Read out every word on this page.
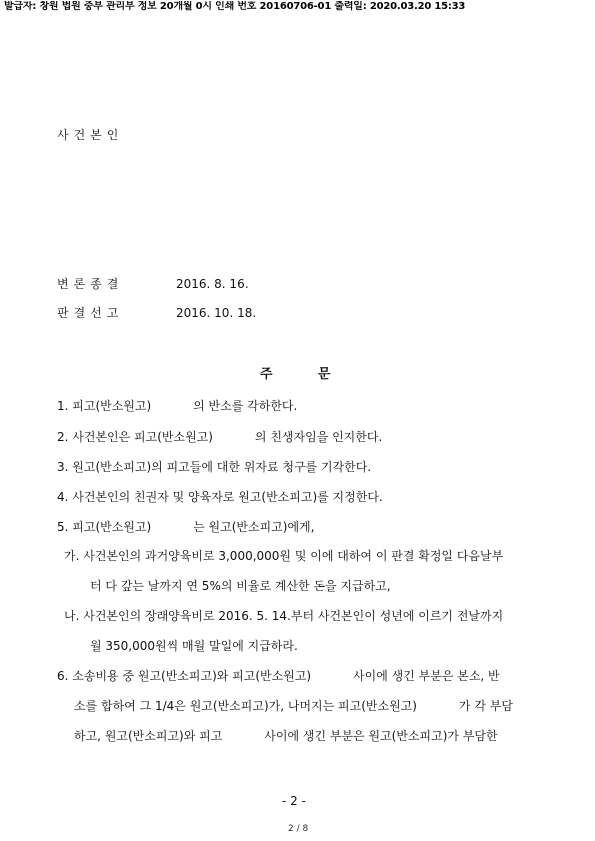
발급자: 창원 법원 중부 관리부 정보 20개월 0시 인쇄 번호 20160706-01 출력일: 2020.03.20 15:33
사건본인
변론종결	2016. 8. 16.
판결선고	2016. 10. 18.
주          문
1. 피고(반소원고)           의 반소를 각하한다.
2. 사건본인은 피고(반소원고)           의 친생자임을 인지한다.
3. 원고(반소피고)의 피고들에 대한 위자료 청구를 기각한다.
4. 사건본인의 친권자 및 양육자로 원고(반소피고)를 지정한다.
5. 피고(반소원고)           는 원고(반소피고)에게,
가. 사건본인의 과거양육비로 3,000,000원 및 이에 대하여 이 판결 확정일 다음날부
터 다 갚는 날까지 연 5%의 비율로 계산한 돈을 지급하고,
나. 사건본인의 장래양육비로 2016. 5. 14.부터 사건본인이 성년에 이르기 전날까지
월 350,000원씩 매월 말일에 지급하라.
6. 소송비용 중 원고(반소피고)와 피고(반소원고)           사이에 생긴 부분은 본소, 반
소를 합하여 그 1/4은 원고(반소피고)가, 나머지는 피고(반소원고)           가 각 부담
하고, 원고(반소피고)와 피고           사이에 생긴 부분은 원고(반소피고)가 부담한
- 2 -
2 / 8
